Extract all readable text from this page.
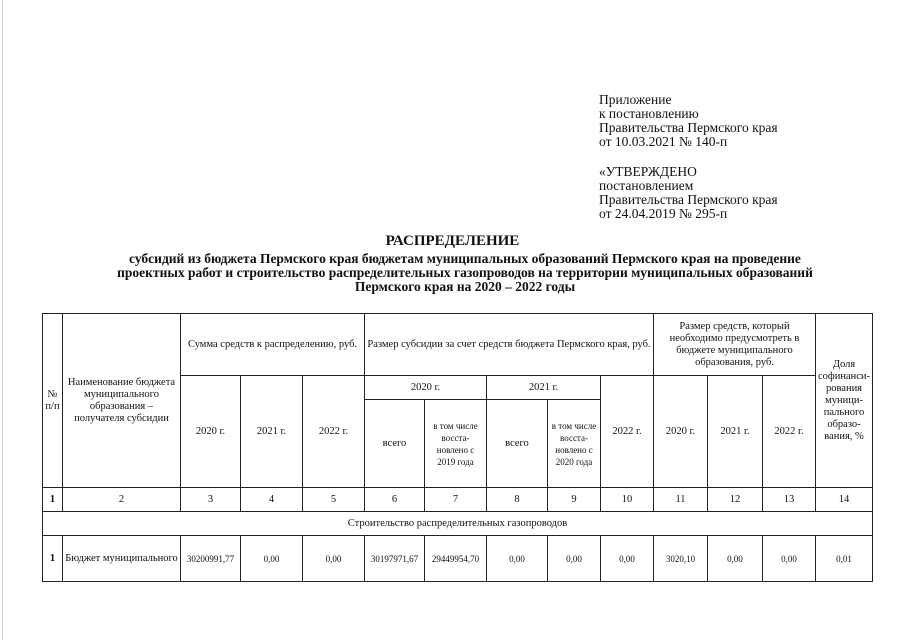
Приложение
к постановлению
Правительства Пермского края
от 10.03.2021 № 140-п
«УТВЕРЖДЕНО
постановлением
Правительства Пермского края
от 24.04.2019 № 295-п
РАСПРЕДЕЛЕНИЕ
субсидий из бюджета Пермского края бюджетам муниципальных образований Пермского края на проведение
проектных работ и строительство распределительных газопроводов на территории муниципальных образований
Пермского края на 2020 – 2022 годы
№ п/п	Наименование бюджета муниципального образования – получателя субсидии	Сумма средств к распределению, руб.			Размер субсидии за счет средств бюджета Пермского края, руб.					Размер средств, который необходимо предусмотреть в бюджете муниципального образования, руб.			Доля софинанси-рования муници-пального образо-вания, %
		2020 г.	2021 г.	2022 г.	2020 г.		2021 г.		2022 г.	2020 г.	2021 г.	2022 г.	
					всего	в том числе восста-новлено с 2019 года	всего	в том числе восста-новлено с 2020 года					
1	2	3	4	5	6	7	8	9	10	11	12	13	14
Строительство распределительных газопроводов													
1	Бюджет муниципального	30200991,77	0,00	0,00	30197971,67	29449954,70	0,00	0,00	0,00	3020,10	0,00	0,00	0,01
